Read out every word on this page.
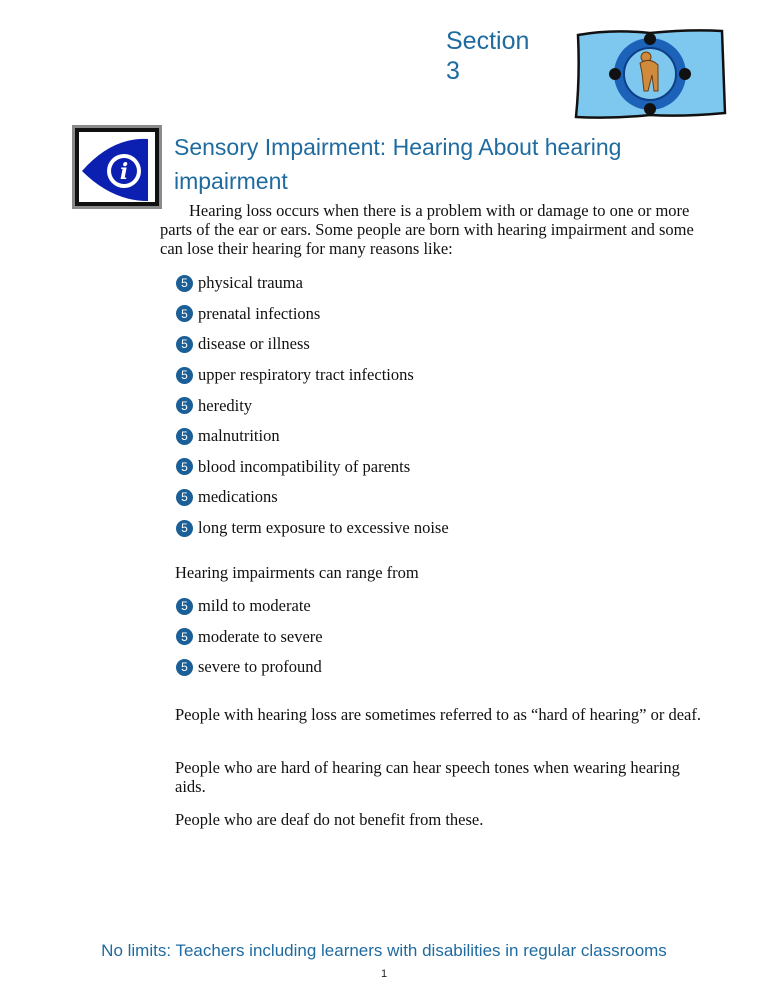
Section
3
i
Sensory Impairment: Hearing About hearing impairment
Hearing loss occurs when there is a problem with or damage to one or more parts of the ear or ears. Some people are born with hearing impairment and some can lose their hearing for many reasons like:
5 physical trauma
5 prenatal infections
5 disease or illness
5 upper respiratory tract infections
5 heredity
5 malnutrition
5 blood incompatibility of parents
5 medications
5 long term exposure to excessive noise
Hearing impairments can range from
5 mild to moderate
5 moderate to severe
5 severe to profound
People with hearing loss are sometimes referred to as “hard of hearing” or deaf.
People who are hard of hearing can hear speech tones when wearing hearing aids.
People who are deaf do not benefit from these.
No limits: Teachers including learners with disabilities in regular classrooms
1
